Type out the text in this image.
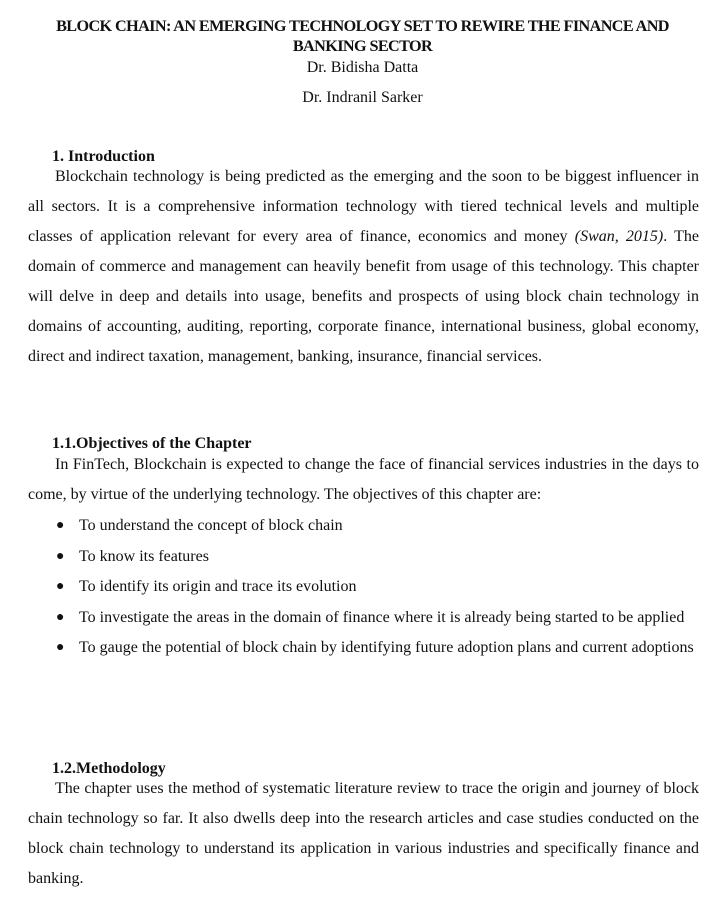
BLOCK CHAIN: AN EMERGING TECHNOLOGY SET TO REWIRE THE FINANCE AND
BANKING SECTOR

Dr. Bidisha Datta

Dr. Indranil Sarker

1. Introduction

Blockchain technology is being predicted as the emerging and the soon to be biggest influencer in all sectors. It is a comprehensive information technology with tiered technical levels and multiple classes of application relevant for every area of finance, economics and money (Swan, 2015). The domain of commerce and management can heavily benefit from usage of this technology. This chapter will delve in deep and details into usage, benefits and prospects of using block chain technology in domains of accounting, auditing, reporting, corporate finance, international business, global economy, direct and indirect taxation, management, banking, insurance, financial services.

1.1.Objectives of the Chapter

In FinTech, Blockchain is expected to change the face of financial services industries in the days to come, by virtue of the underlying technology. The objectives of this chapter are:

● To understand the concept of block chain
● To know its features
● To identify its origin and trace its evolution
● To investigate the areas in the domain of finance where it is already being started to be applied
● To gauge the potential of block chain by identifying future adoption plans and current adoptions
1.2.Methodology

The chapter uses the method of systematic literature review to trace the origin and journey of block chain technology so far. It also dwells deep into the research articles and case studies conducted on the block chain technology to understand its application in various industries and specifically finance and banking.
